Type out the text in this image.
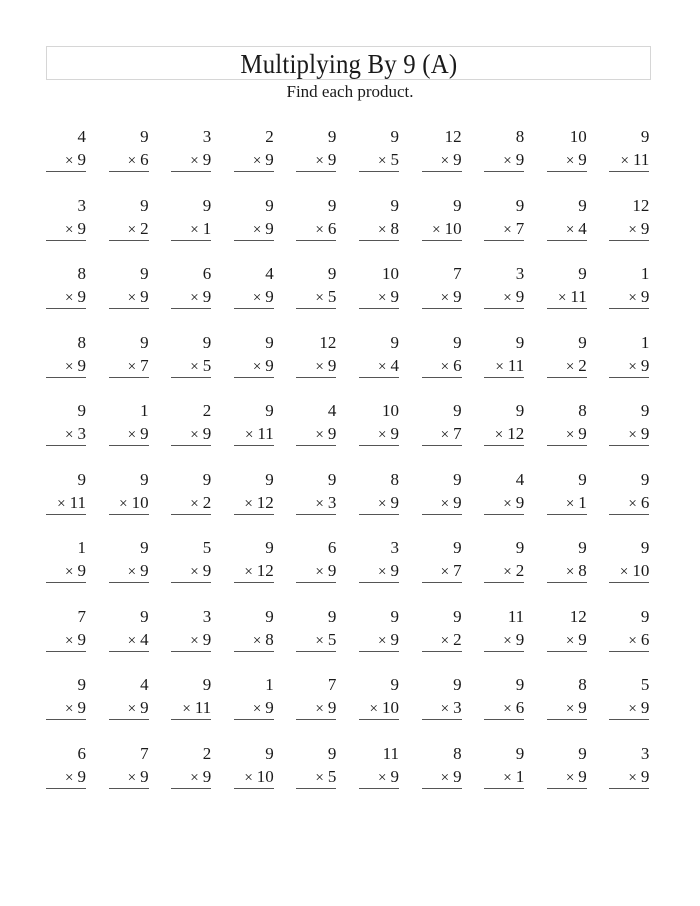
Multiplying By 9 (A)
Find each product.
4
× 9
9
× 6
3
× 9
2
× 9
9
× 9
9
× 5
12
× 9
8
× 9
10
× 9
9
× 11
3
× 9
9
× 2
9
× 1
9
× 9
9
× 6
9
× 8
9
× 10
9
× 7
9
× 4
12
× 9
8
× 9
9
× 9
6
× 9
4
× 9
9
× 5
10
× 9
7
× 9
3
× 9
9
× 11
1
× 9
8
× 9
9
× 7
9
× 5
9
× 9
12
× 9
9
× 4
9
× 6
9
× 11
9
× 2
1
× 9
9
× 3
1
× 9
2
× 9
9
× 11
4
× 9
10
× 9
9
× 7
9
× 12
8
× 9
9
× 9
9
× 11
9
× 10
9
× 2
9
× 12
9
× 3
8
× 9
9
× 9
4
× 9
9
× 1
9
× 6
1
× 9
9
× 9
5
× 9
9
× 12
6
× 9
3
× 9
9
× 7
9
× 2
9
× 8
9
× 10
7
× 9
9
× 4
3
× 9
9
× 8
9
× 5
9
× 9
9
× 2
11
× 9
12
× 9
9
× 6
9
× 9
4
× 9
9
× 11
1
× 9
7
× 9
9
× 10
9
× 3
9
× 6
8
× 9
5
× 9
6
× 9
7
× 9
2
× 9
9
× 10
9
× 5
11
× 9
8
× 9
9
× 1
9
× 9
3
× 9
